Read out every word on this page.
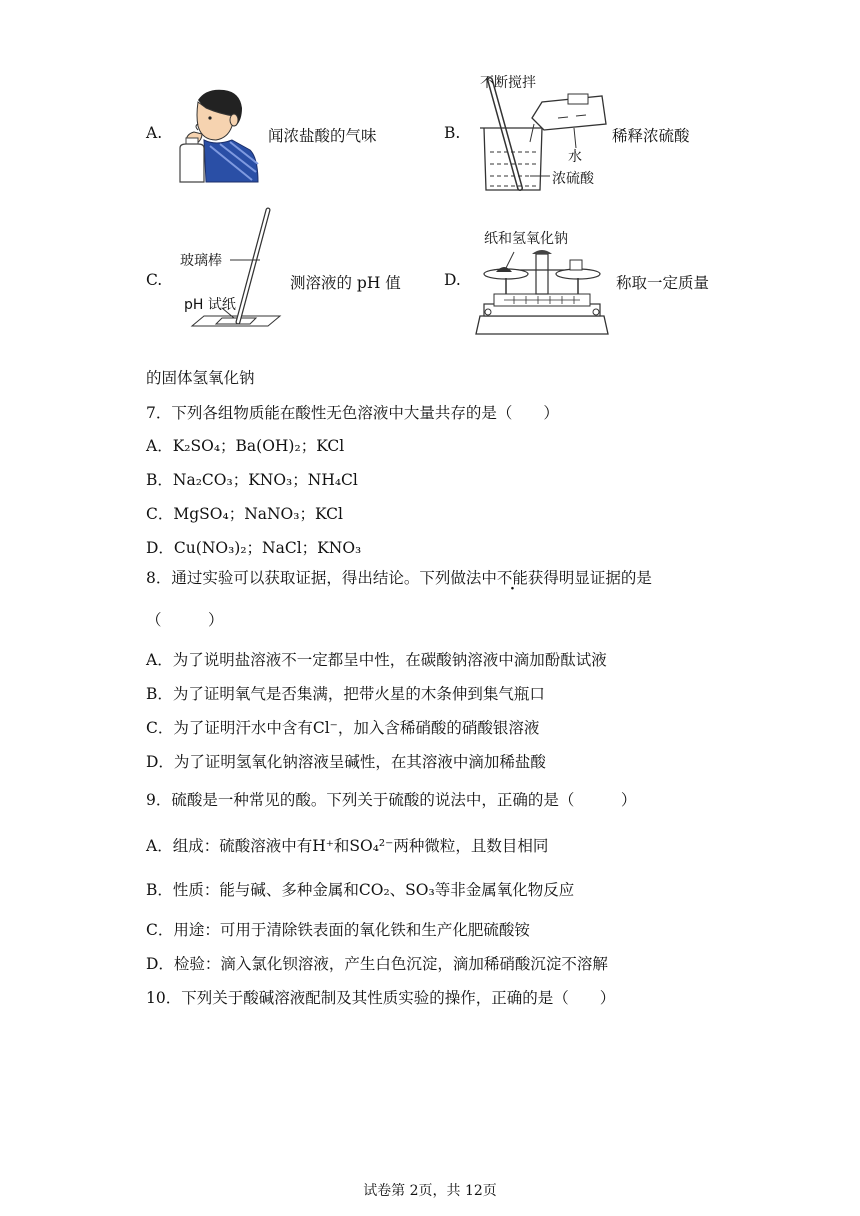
A.	闻浓盐酸的气味	B.
不断搅拌
水
浓硫酸
稀释浓硫酸
C.
玻璃棒
pH 试纸
测溶液的 pH 值	D.
纸和氢氧化钠
称取一定质量
的固体氢氧化钠
7．下列各组物质能在酸性无色溶液中大量共存的是（　　）
A．K₂SO₄；Ba(OH)₂；KCl
B．Na₂CO₃；KNO₃；NH₄Cl
C．MgSO₄；NaNO₃；KCl
D．Cu(NO₃)₂；NaCl；KNO₃
8．通过实验可以获取证据，得出结论。下列做法中不能获得明显证据的是
（　　　）
A．为了说明盐溶液不一定都呈中性，在碳酸钠溶液中滴加酚酞试液
B．为了证明氧气是否集满，把带火星的木条伸到集气瓶口
C．为了证明汗水中含有Cl⁻，加入含稀硝酸的硝酸银溶液
D．为了证明氢氧化钠溶液呈碱性，在其溶液中滴加稀盐酸
9．硫酸是一种常见的酸。下列关于硫酸的说法中，正确的是（　　　）
A．组成：硫酸溶液中有H⁺和SO₄²⁻两种微粒，且数目相同
B．性质：能与碱、多种金属和CO₂、SO₃等非金属氧化物反应
C．用途：可用于清除铁表面的氧化铁和生产化肥硫酸铵
D．检验：滴入氯化钡溶液，产生白色沉淀，滴加稀硝酸沉淀不溶解
10．下列关于酸碱溶液配制及其性质实验的操作，正确的是（　　）
试卷第 2页，共 12页
